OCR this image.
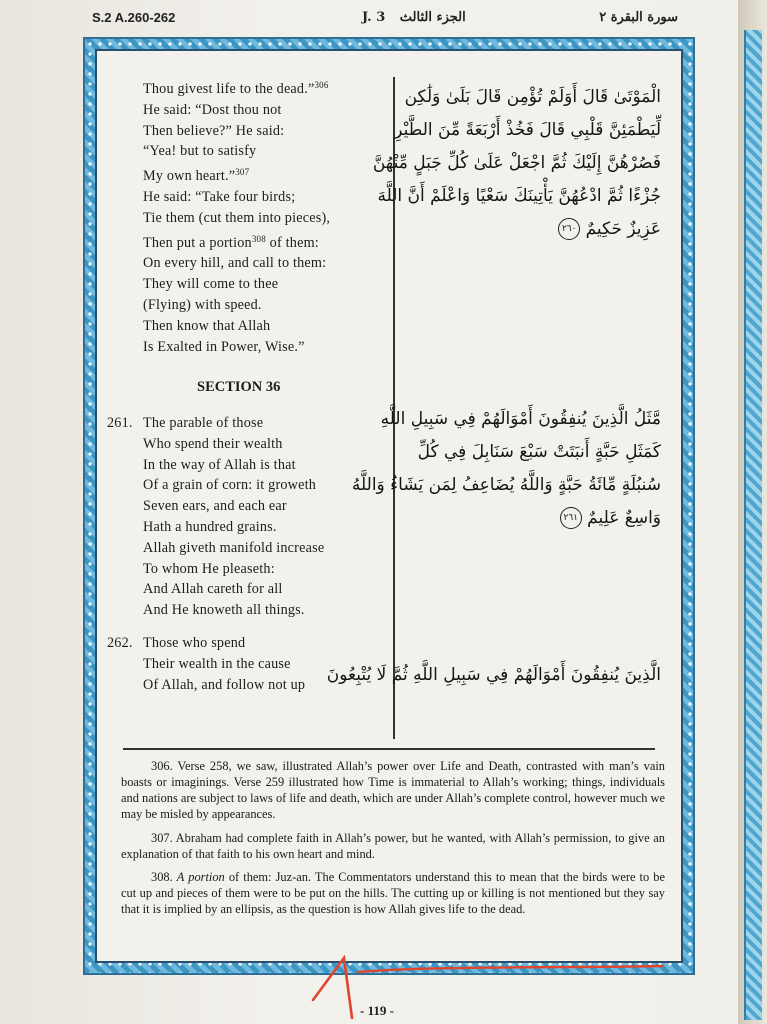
S.2 A.260-262	J. 3 الجزء الثالث	سورة البقرة ٢

Thou givest life to the dead.”$^{306}$

He said: “Dost thou not

Then believe?” He said:

“Yea! but to satisfy

My own heart.”$^{307}$

He said: “Take four birds;

Tie them (cut them into pieces),

Then put a portion$^{308}$ of them:

On every hill, and call to them:

They will come to thee

(Flying) with speed.

Then know that Allah

Is Exalted in Power, Wise.”

SECTION 36

261. The parable of those

Who spend their wealth

In the way of Allah is that

Of a grain of corn: it groweth

Seven ears, and each ear

Hath a hundred grains.

Allah giveth manifold increase

To whom He pleaseth:

And Allah careth for all

And He knoweth all things.

262. Those who spend

Their wealth in the cause

Of Allah, and follow not up

الْمَوْتَىٰ قَالَ أَوَلَمْ تُؤْمِن قَالَ بَلَىٰ وَلَٰكِن

لِّيَطْمَئِنَّ قَلْبِي قَالَ فَخُذْ أَرْبَعَةً مِّنَ الطَّيْرِ

فَصُرْهُنَّ إِلَيْكَ ثُمَّ اجْعَلْ عَلَىٰ كُلِّ جَبَلٍ مِّنْهُنَّ

جُزْءًا ثُمَّ ادْعُهُنَّ يَأْتِينَكَ سَعْيًا وَاعْلَمْ أَنَّ اللَّهَ

عَزِيزٌ حَكِيمٌ ٢٦٠

مَّثَلُ الَّذِينَ يُنفِقُونَ أَمْوَالَهُمْ فِي سَبِيلِ اللَّهِ

كَمَثَلِ حَبَّةٍ أَنبَتَتْ سَبْعَ سَنَابِلَ فِي كُلِّ

سُنبُلَةٍ مِّائَةُ حَبَّةٍ وَاللَّهُ يُضَاعِفُ لِمَن يَشَاءُ وَاللَّهُ

وَاسِعٌ عَلِيمٌ ٢٦١

الَّذِينَ يُنفِقُونَ أَمْوَالَهُمْ فِي سَبِيلِ اللَّهِ ثُمَّ لَا يُتْبِعُونَ

306. Verse 258, we saw, illustrated Allah’s power over Life and Death, contrasted with man’s vain boasts or imaginings. Verse 259 illustrated how Time is immaterial to Allah’s working; things, individuals and nations are subject to laws of life and death, which are under Allah’s complete control, however much we may be misled by appearances.

307. Abraham had complete faith in Allah’s power, but he wanted, with Allah’s permission, to give an explanation of that faith to his own heart and mind.

308. A portion of them: Juz-an. The Commentators understand this to mean that the birds were to be cut up and pieces of them were to be put on the hills. The cutting up or killing is not mentioned but they say that it is implied by an ellipsis, as the question is how Allah gives life to the dead.

- 119 -
